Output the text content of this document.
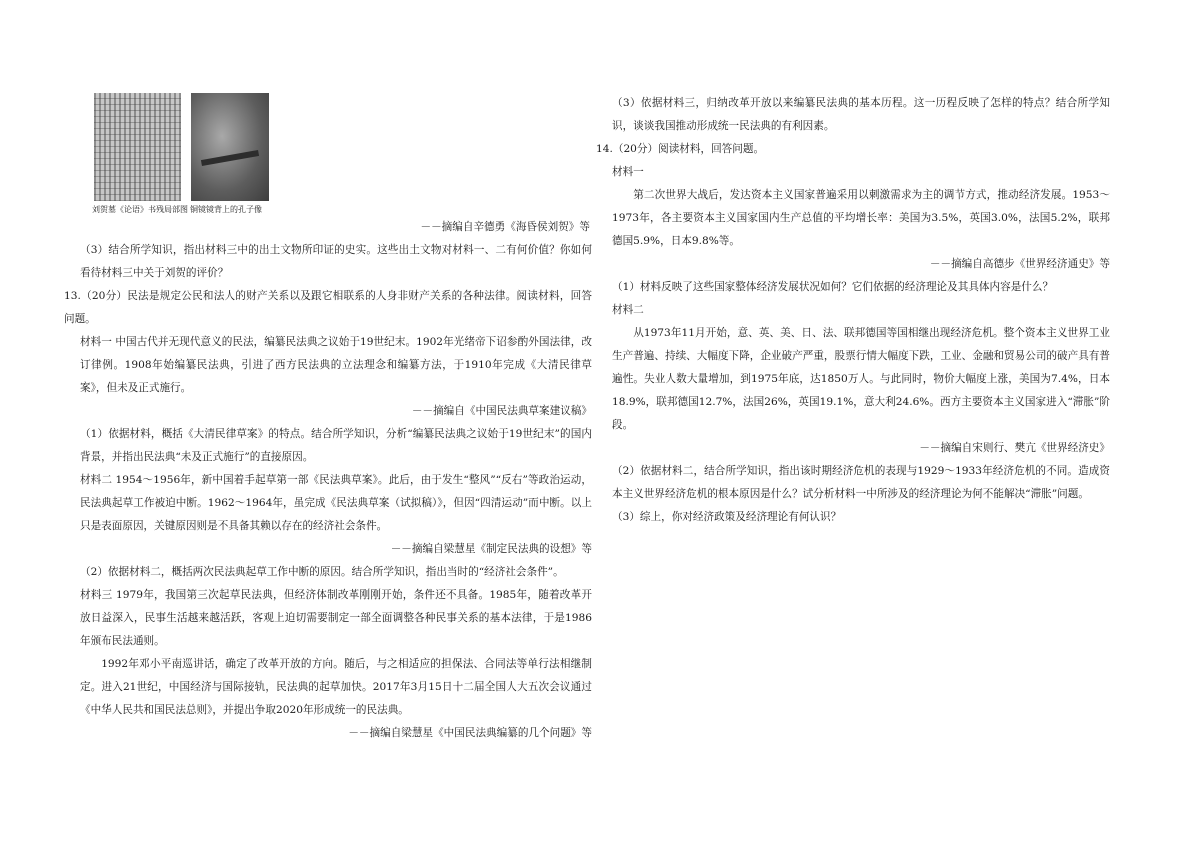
刘贺墓《论语》书残局部图 铜镜镜背上的孔子像

－－摘编自辛德勇《海昏侯刘贺》等

（3）结合所学知识，指出材料三中的出土文物所印证的史实。这些出土文物对材料一、二有何价值？你如何看待材料三中关于刘贺的评价？

13.（20分）民法是规定公民和法人的财产关系以及跟它相联系的人身非财产关系的各种法律。阅读材料，回答问题。

材料一 中国古代并无现代意义的民法，编纂民法典之议始于19世纪末。1902年光绪帝下诏参酌外国法律，改订律例。1908年始编纂民法典，引进了西方民法典的立法理念和编纂方法，于1910年完成《大清民律草案》，但未及正式施行。

－－摘编自《中国民法典草案建议稿》

（1）依据材料，概括《大清民律草案》的特点。结合所学知识，分析“编纂民法典之议始于19世纪末”的国内背景，并指出民法典“未及正式施行”的直接原因。

材料二 1954～1956年，新中国着手起草第一部《民法典草案》。此后，由于发生“整风”“反右”等政治运动，民法典起草工作被迫中断。1962～1964年，虽完成《民法典草案（试拟稿）》，但因“四清运动”而中断。以上只是表面原因，关键原因则是不具备其赖以存在的经济社会条件。

－－摘编自梁慧星《制定民法典的设想》等

（2）依据材料二，概括两次民法典起草工作中断的原因。结合所学知识，指出当时的“经济社会条件”。

材料三 1979年，我国第三次起草民法典，但经济体制改革刚刚开始，条件还不具备。1985年，随着改革开放日益深入，民事生活越来越活跃，客观上迫切需要制定一部全面调整各种民事关系的基本法律，于是1986年颁布民法通则。

1992年邓小平南巡讲话，确定了改革开放的方向。随后，与之相适应的担保法、合同法等单行法相继制定。进入21世纪，中国经济与国际接轨，民法典的起草加快。2017年3月15日十二届全国人大五次会议通过《中华人民共和国民法总则》，并提出争取2020年形成统一的民法典。

－－摘编自梁慧星《中国民法典编纂的几个问题》等

（3）依据材料三，归纳改革开放以来编纂民法典的基本历程。这一历程反映了怎样的特点？结合所学知识，谈谈我国推动形成统一民法典的有利因素。

14.（20分）阅读材料，回答问题。

材料一

第二次世界大战后，发达资本主义国家普遍采用以刺激需求为主的调节方式，推动经济发展。1953～1973年，各主要资本主义国家国内生产总值的平均增长率：美国为3.5%，英国3.0%，法国5.2%，联邦德国5.9%，日本9.8%等。

－－摘编自高德步《世界经济通史》等

（1）材料反映了这些国家整体经济发展状况如何？它们依据的经济理论及其具体内容是什么？

材料二

从1973年11月开始，意、英、美、日、法、联邦德国等国相继出现经济危机。整个资本主义世界工业生产普遍、持续、大幅度下降，企业破产严重，股票行情大幅度下跌，工业、金融和贸易公司的破产具有普遍性。失业人数大量增加，到1975年底，达1850万人。与此同时，物价大幅度上涨，美国为7.4%，日本18.9%，联邦德国12.7%，法国26%，英国19.1%，意大利24.6%。西方主要资本主义国家进入“滞胀”阶段。

－－摘编自宋则行、樊亢《世界经济史》

（2）依据材料二，结合所学知识，指出该时期经济危机的表现与1929～1933年经济危机的不同。造成资本主义世界经济危机的根本原因是什么？试分析材料一中所涉及的经济理论为何不能解决“滞胀”问题。

（3）综上，你对经济政策及经济理论有何认识？
